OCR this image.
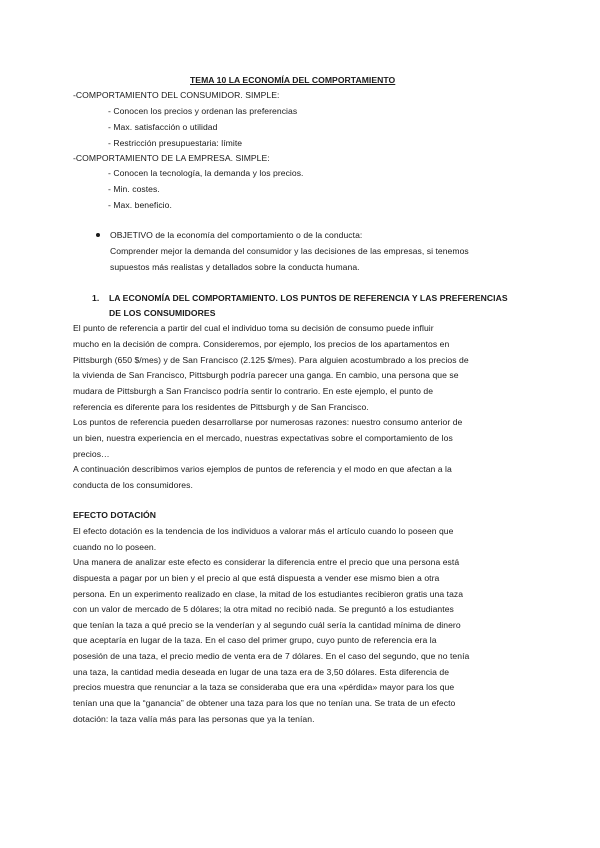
TEMA 10 LA ECONOMÍA DEL COMPORTAMIENTO
-COMPORTAMIENTO DEL CONSUMIDOR. SIMPLE:
- Conocen los precios y ordenan las preferencias
- Max. satisfacción o utilidad
- Restricción presupuestaria: límite
-COMPORTAMIENTO DE LA EMPRESA. SIMPLE:
- Conocen la tecnología, la demanda y los precios.
- Min. costes.
- Max. beneficio.
OBJETIVO de la economía del comportamiento o de la conducta:
Comprender mejor la demanda del consumidor y las decisiones de las empresas, si tenemos
supuestos más realistas y detallados sobre la conducta humana.
1. LA ECONOMÍA DEL COMPORTAMIENTO. LOS PUNTOS DE REFERENCIA Y LAS PREFERENCIAS
DE LOS CONSUMIDORES
El punto de referencia a partir del cual el individuo toma su decisión de consumo puede influir
mucho en la decisión de compra. Consideremos, por ejemplo, los precios de los apartamentos en
Pittsburgh (650 $/mes) y de San Francisco (2.125 $/mes). Para alguien acostumbrado a los precios de
la vivienda de San Francisco, Pittsburgh podría parecer una ganga. En cambio, una persona que se
mudara de Pittsburgh a San Francisco podría sentir lo contrario. En este ejemplo, el punto de
referencia es diferente para los residentes de Pittsburgh y de San Francisco.
Los puntos de referencia pueden desarrollarse por numerosas razones: nuestro consumo anterior de
un bien, nuestra experiencia en el mercado, nuestras expectativas sobre el comportamiento de los
precios…
A continuación describimos varios ejemplos de puntos de referencia y el modo en que afectan a la
conducta de los consumidores.
EFECTO DOTACIÓN
El efecto dotación es la tendencia de los individuos a valorar más el artículo cuando lo poseen que
cuando no lo poseen.
Una manera de analizar este efecto es considerar la diferencia entre el precio que una persona está
dispuesta a pagar por un bien y el precio al que está dispuesta a vender ese mismo bien a otra
persona. En un experimento realizado en clase, la mitad de los estudiantes recibieron gratis una taza
con un valor de mercado de 5 dólares; la otra mitad no recibió nada. Se preguntó a los estudiantes
que tenían la taza a qué precio se la venderían y al segundo cuál sería la cantidad mínima de dinero
que aceptaría en lugar de la taza. En el caso del primer grupo, cuyo punto de referencia era la
posesión de una taza, el precio medio de venta era de 7 dólares. En el caso del segundo, que no tenía
una taza, la cantidad media deseada en lugar de una taza era de 3,50 dólares. Esta diferencia de
precios muestra que renunciar a la taza se consideraba que era una «pérdida» mayor para los que
tenían una que la “ganancia” de obtener una taza para los que no tenían una. Se trata de un efecto
dotación: la taza valía más para las personas que ya la tenían.
